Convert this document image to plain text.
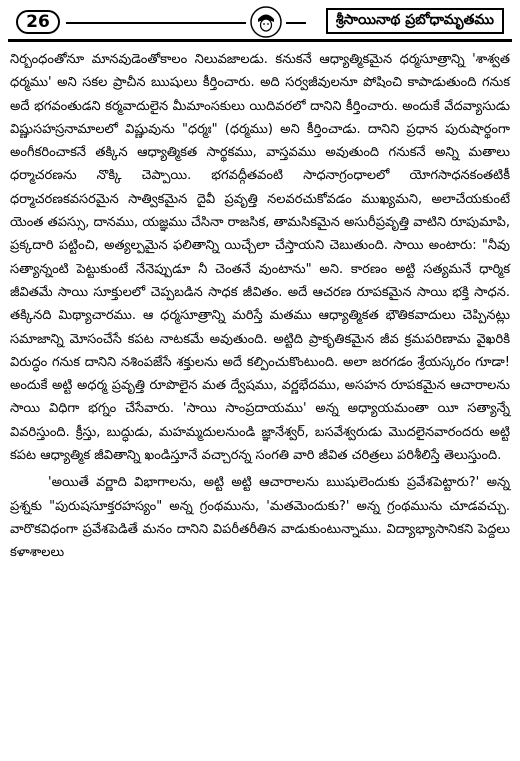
26	శ్రీసాయినాథ ప్రబోధామృతము

నిర్బంధంతోనూ మానవుడెంతోకాలం నిలువజాలడు. కనుకనే ఆధ్యాత్మికమైన ధర్మసూత్రాన్ని 'శాశ్వత ధర్మము' అని సకల ప్రాచీన ఋషులు కీర్తించారు. అది సర్వజీవులనూ పోషించి కాపాడుతుంది గనుక అదే భగవంతుడని కర్మవాదులైన మీమాంసకులు యిదివరలో దానిని కీర్తించారు. అందుకే వేదవ్యాసుడు విష్ణుసహస్రనామాలలో విష్ణువును "ధర్మః" (ధర్మము) అని కీర్తించాడు. దానిని ప్రధాన పురుషార్థంగా అంగీకరించాకనే తక్కిన ఆధ్యాత్మికత సార్థకము, వాస్తవము అవుతుంది గనుకనే అన్ని మతాలు ధర్మాచరణను నొక్కి చెప్పాయి. భగవద్గీతవంటి సాధనాగ్రంధాలలో యోగసాధనకంతటికీ ధర్మాచరణకవసరమైన సాత్వికమైన దైవీ ప్రవృత్తి నలవరచుకోవడం ముఖ్యమని, అలాచేయకుంటే యెంత తపస్సు, దానము, యజ్ఞము చేసినా రాజసిక, తామసికమైన అసురీప్రవృత్తి వాటిని రూపుమాపి, ప్రక్కదారి పట్టించి, అత్యల్పమైన ఫలితాన్ని యిచ్చేలా చేస్తాయని చెబుతుంది. సాయి అంటారు: "నీవు సత్యాన్నంటి పెట్టుకుంటే నేనెప్పుడూ నీ చెంతనే వుంటాను" అని. కారణం అట్టి సత్యమనే ధార్మిక జీవితమే సాయి సూక్తులలో చెప్పబడిన సాధక జీవితం. అదే ఆచరణ రూపకమైన సాయి భక్తి సాధన. తక్కినది మిథ్యాచారము. ఆ ధర్మసూత్రాన్ని మరిస్తే మతము ఆధ్యాత్మికత భౌతికవాదులు చెప్పినట్లు సమాజాన్ని మోసంచేసే కపట నాటకమే అవుతుంది. అట్టిది ప్రాకృతికమైన జీవ క్రమపరిణామ వైఖరికి విరుద్ధం గనుక దానిని నశింపజేసే శక్తులను అదే కల్పించుకొంటుంది. అలా జరగడం శ్రేయస్కరం గూడా! అందుకే అట్టి అధర్మ ప్రవృత్తి రూపొలైన మత ద్వేషము, వర్ణభేదము, అసహన రూపకమైన ఆచారాలను సాయి విధిగా భగ్నం చేసేవారు. 'సాయి సాంప్రదాయము' అన్న అధ్యాయమంతా యీ సత్యాన్నే వివరిస్తుంది. క్రీస్తు, బుద్ధుడు, మహమ్మదులనుండి జ్ఞానేశ్వర్, బసవేశ్వరుడు మొదలైనవారందరు అట్టి కపట ఆధ్యాత్మిక జీవితాన్ని ఖండిస్తూనే వచ్చారన్న సంగతి వారి జీవిత చరిత్రలు పరిశీలిస్తే తెలుస్తుంది.

'అయితే వర్ణాది విభాగాలను, అట్టి అట్టి ఆచారాలను ఋషులెందుకు ప్రవేశపెట్టారు?' అన్న ప్రశ్నకు "పురుషసూక్తరహస్యం" అన్న గ్రంథమును, 'మతమెందుకు?' అన్న గ్రంథమును చూడవచ్చు. వారొకవిధంగా ప్రవేశపెడితే మనం దానిని విపరీతరీతిన వాడుకుంటున్నాము. విద్యాభ్యాసానికని పెద్దలు కళాశాలలు
